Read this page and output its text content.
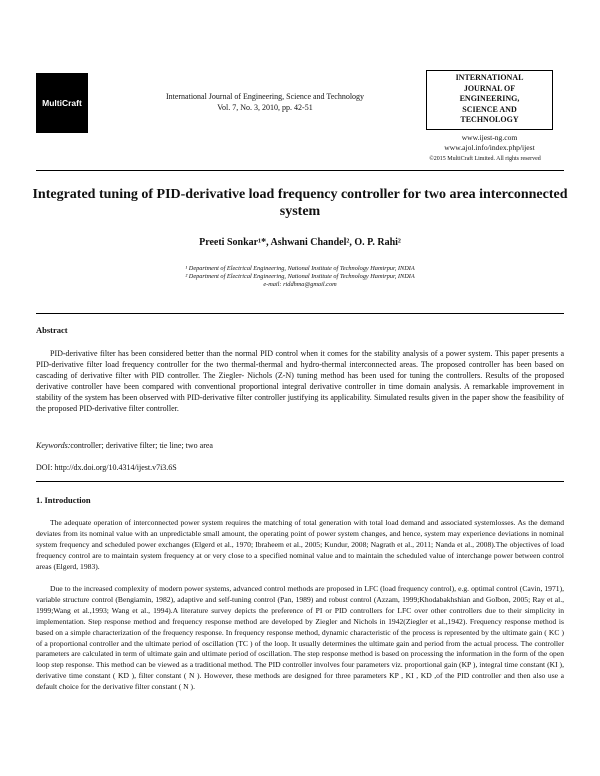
MultiCraft
International Journal of Engineering, Science and Technology
Vol. 7, No. 3, 2010, pp. 42-51
INTERNATIONAL
JOURNAL OF
ENGINEERING,
SCIENCE AND
TECHNOLOGY
www.ijest-ng.com
www.ajol.info/index.php/ijest
©2015 MultiCraft Limited. All rights reserved
Integrated tuning of PID-derivative load frequency controller for two area interconnected system
Preeti Sonkar¹*, Ashwani Chandel², O. P. Rahi²
¹ Department of Electrical Engineering, National Institute of Technology Hamirpur, INDIA
² Department of Electrical Engineering, National Institute of Technology Hamirpur, INDIA
e-mail: riddhma@gmail.com
Abstract
PID-derivative filter has been considered better than the normal PID control when it comes for the stability analysis of a power system. This paper presents a PID-derivative filter load frequency controller for the two thermal-thermal and hydro-thermal interconnected areas. The proposed controller has been based on cascading of derivative filter with PID controller. The Ziegler- Nichols (Z-N) tuning method has been used for tuning the controllers. Results of the proposed derivative controller have been compared with conventional proportional integral derivative controller in time domain analysis. A remarkable improvement in stability of the system has been observed with PID-derivative filter controller justifying its applicability. Simulated results given in the paper show the feasibility of the proposed PID-derivative filter controller.
Keywords:controller; derivative filter; tie line; two area
DOI: http://dx.doi.org/10.4314/ijest.v7i3.6S
1. Introduction
The adequate operation of interconnected power system requires the matching of total generation with total load demand and associated systemlosses. As the demand deviates from its nominal value with an unpredictable small amount, the operating point of power system changes, and hence, system may experience deviations in nominal system frequency and scheduled power exchanges (Elgerd et al., 1970; Ibraheem et al., 2005; Kundur, 2008; Nagrath et al., 2011; Nanda et al., 2008).The objectives of load frequency control are to maintain system frequency at or very close to a specified nominal value and to maintain the scheduled value of interchange power between control areas (Elgerd, 1983).
Due to the increased complexity of modern power systems, advanced control methods are proposed in LFC (load frequency control), e.g. optimal control (Cavin, 1971), variable structure control (Bengiamin, 1982), adaptive and self-tuning control (Pan, 1989) and robust control (Azzam, 1999;Khodabakhshian and Golbon, 2005; Ray et al., 1999;Wang et al.,1993; Wang et al., 1994).A literature survey depicts the preference of PI or PID controllers for LFC over other controllers due to their simplicity in implementation. Step response method and frequency response method are developed by Ziegler and Nichols in 1942(Ziegler et al.,1942). Frequency response method is based on a simple characterization of the frequency response. In frequency response method, dynamic characteristic of the process is represented by the ultimate gain ( KC ) of a proportional controller and the ultimate period of oscillation (TC ) of the loop. It usually determines the ultimate gain and period from the actual process. The controller parameters are calculated in term of ultimate gain and ultimate period of oscillation. The step response method is based on processing the information in the form of the open loop step response. This method can be viewed as a traditional method. The PID controller involves four parameters viz. proportional gain (KP ), integral time constant (KI ), derivative time constant ( KD ), filter constant ( N ). However, these methods are designed for three parameters KP , KI , KD ,of the PID controller and then also use a default choice for the derivative filter constant ( N ).
